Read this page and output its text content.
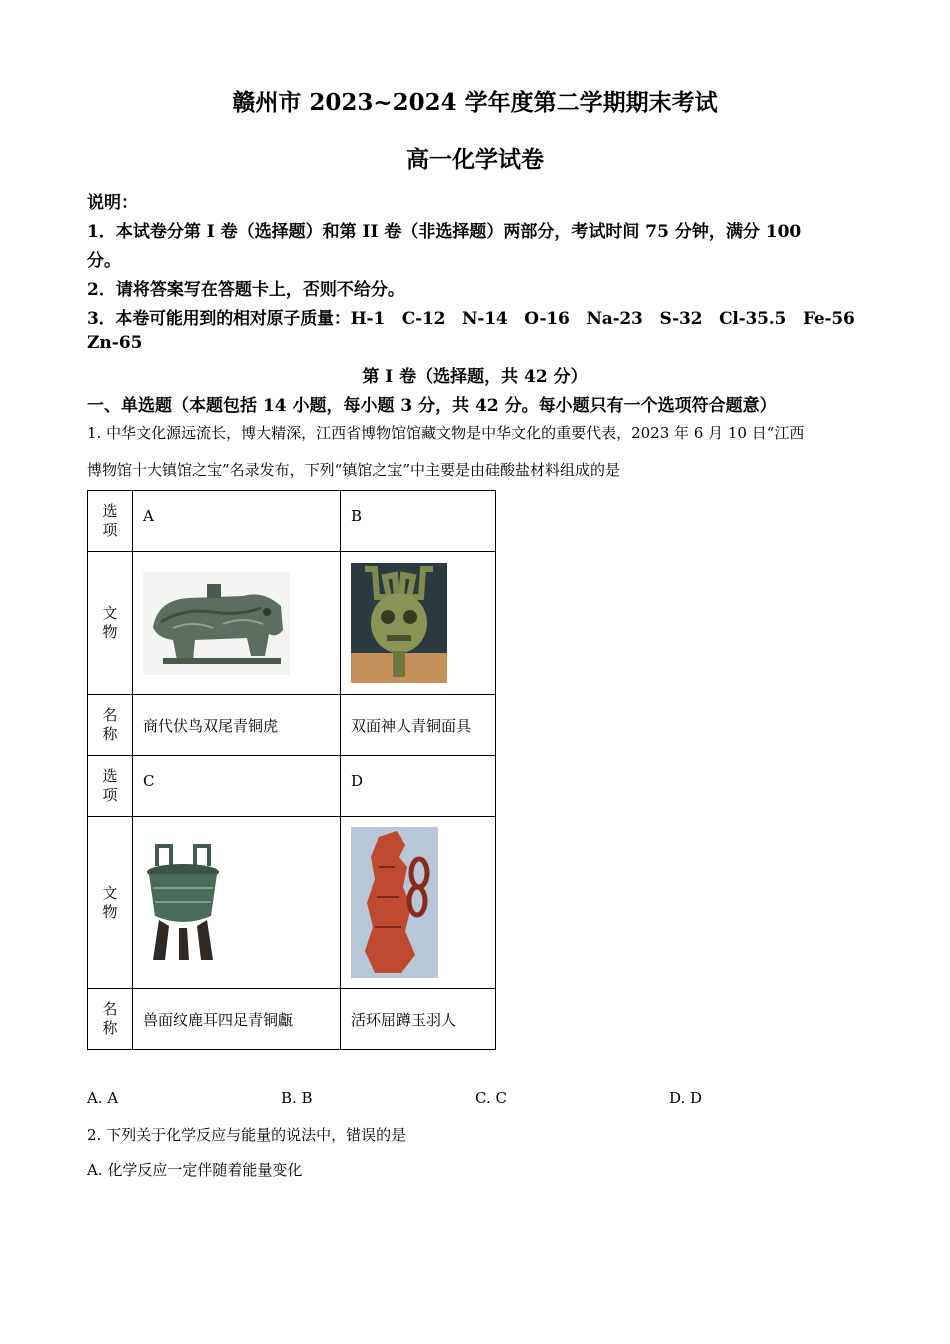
赣州市 2023~2024 学年度第二学期期末考试
高一化学试卷
说明：
1．本试卷分第 I 卷（选择题）和第 II 卷（非选择题）两部分，考试时间 75 分钟，满分 100
分。
2．请将答案写在答题卡上，否则不给分。
3．本卷可能用到的相对原子质量：H-1　C-12　N-14　O-16　Na-23　S-32　Cl-35.5　Fe-56
Zn-65
第 I 卷（选择题，共 42 分）
一、单选题（本题包括 14 小题，每小题 3 分，共 42 分。每小题只有一个选项符合题意）
1. 中华文化源远流长，博大精深，江西省博物馆馆藏文物是中华文化的重要代表，2023 年 6 月 10 日“江西
博物馆十大镇馆之宝”名录发布，下列“镇馆之宝”中主要是由硅酸盐材料组成的是
选
项	A	B
文
物	

名
称	商代伏鸟双尾青铜虎	双面神人青铜面具
选
项	C	D
文
物	

名
称	兽面纹鹿耳四足青铜甗	活环屈蹲玉羽人
A. A	B. B	C. C	D. D
2. 下列关于化学反应与能量的说法中，错误的是
A. 化学反应一定伴随着能量变化
